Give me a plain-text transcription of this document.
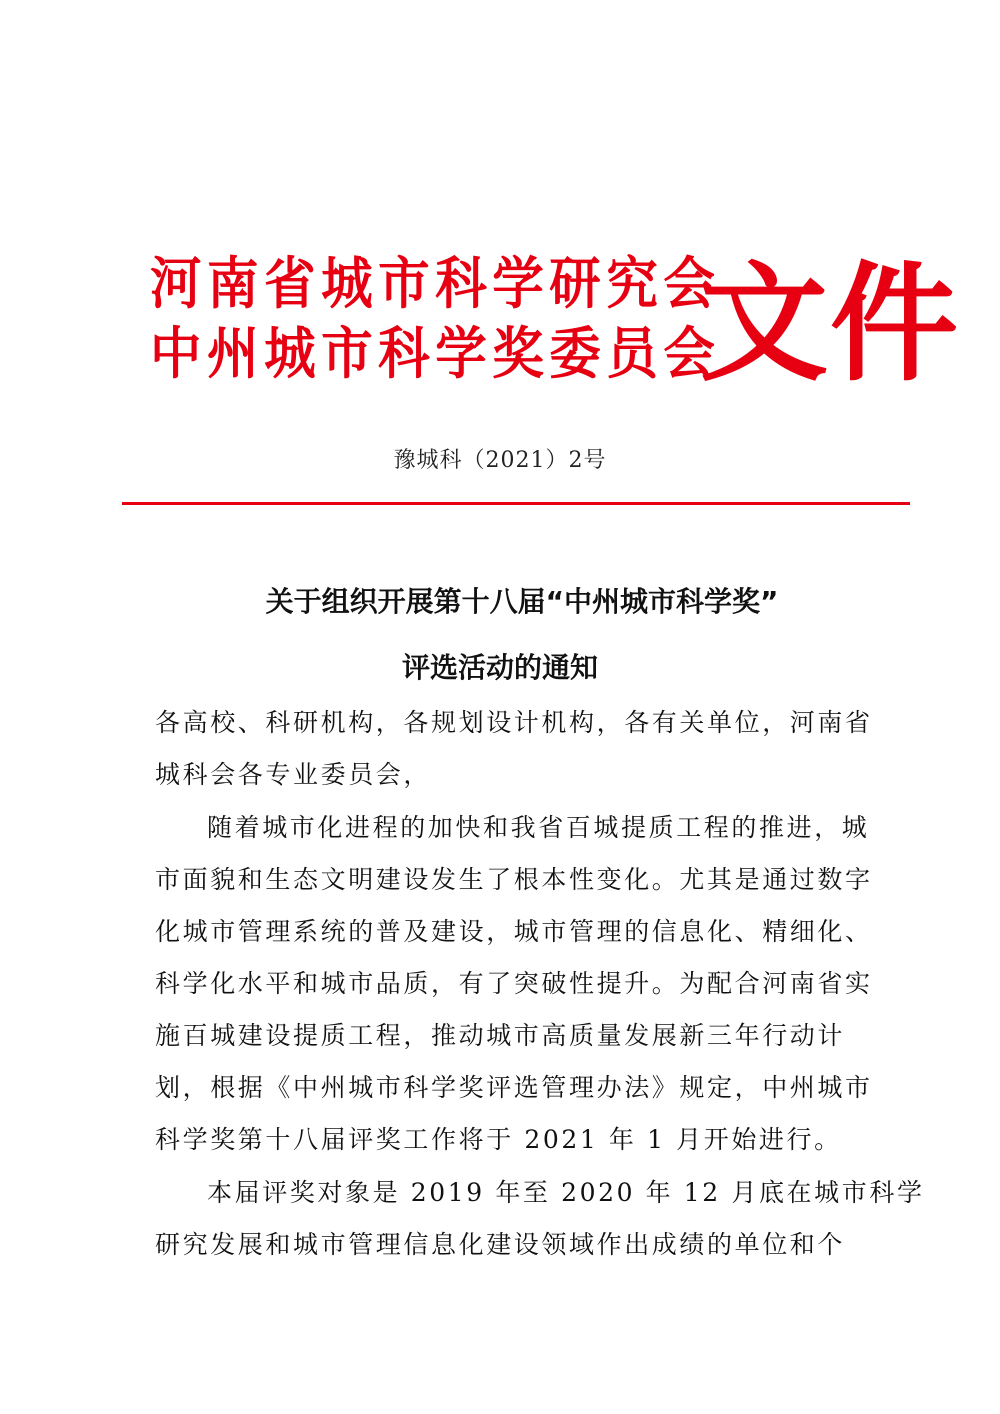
河南省城市科学研究会
中州城市科学奖委员会
文件
豫城科（2021）2号
关于组织开展第十八届“中州城市科学奖”
评选活动的通知
各高校、科研机构，各规划设计机构，各有关单位，河南省
城科会各专业委员会，
随着城市化进程的加快和我省百城提质工程的推进，城
市面貌和生态文明建设发生了根本性变化。尤其是通过数字
化城市管理系统的普及建设，城市管理的信息化、精细化、
科学化水平和城市品质，有了突破性提升。为配合河南省实
施百城建设提质工程，推动城市高质量发展新三年行动计
划，根据《中州城市科学奖评选管理办法》规定，中州城市
科学奖第十八届评奖工作将于 2021 年 1 月开始进行。
本届评奖对象是 2019 年至 2020 年 12 月底在城市科学
研究发展和城市管理信息化建设领域作出成绩的单位和个
